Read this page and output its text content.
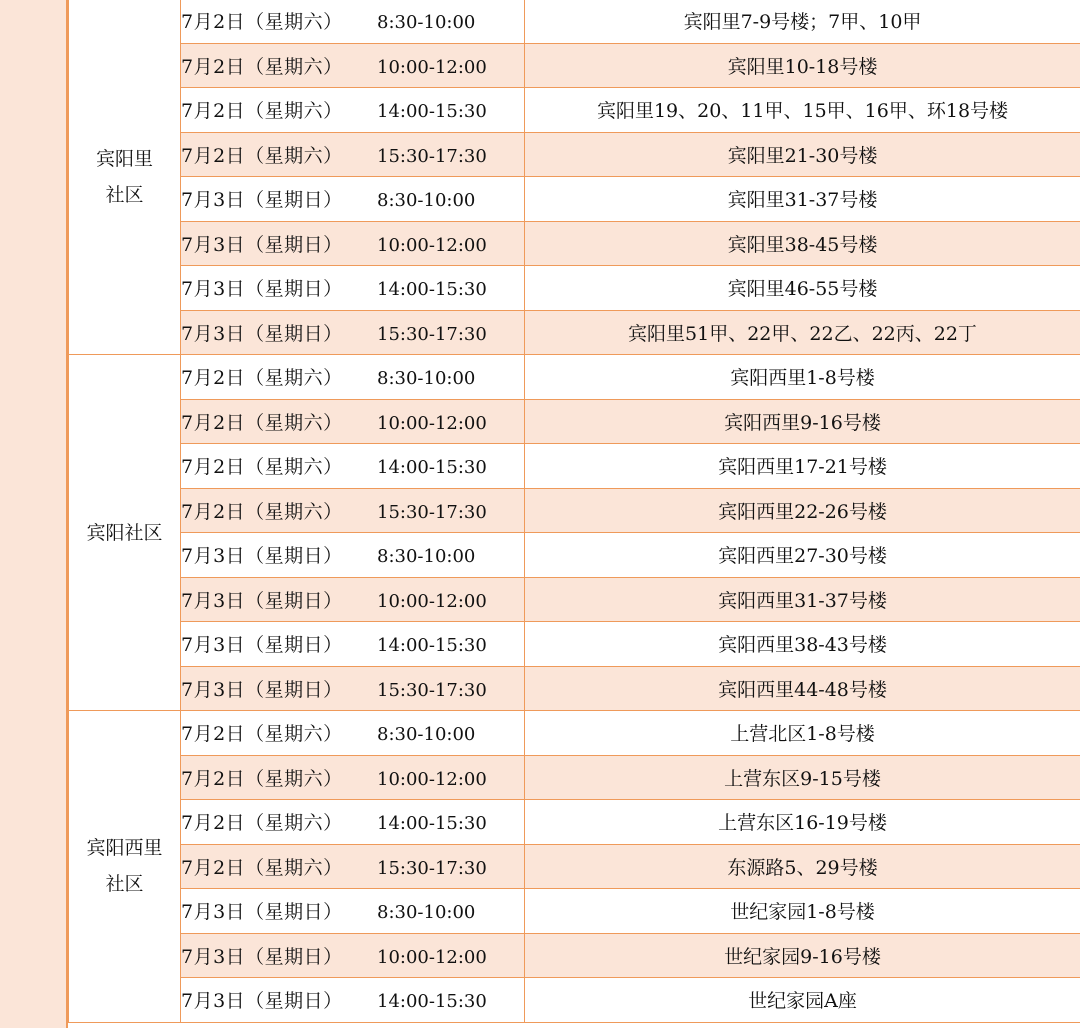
宾阳里
社区	7月2日（星期六） 8:30-10:00	宾阳里7-9号楼；7甲、10甲
	7月2日（星期六） 10:00-12:00	宾阳里10-18号楼
	7月2日（星期六） 14:00-15:30	宾阳里19、20、11甲、15甲、16甲、环18号楼
	7月2日（星期六） 15:30-17:30	宾阳里21-30号楼
	7月3日（星期日） 8:30-10:00	宾阳里31-37号楼
	7月3日（星期日） 10:00-12:00	宾阳里38-45号楼
	7月3日（星期日） 14:00-15:30	宾阳里46-55号楼
	7月3日（星期日） 15:30-17:30	宾阳里51甲、22甲、22乙、22丙、22丁
宾阳社区	7月2日（星期六） 8:30-10:00	宾阳西里1-8号楼
	7月2日（星期六） 10:00-12:00	宾阳西里9-16号楼
	7月2日（星期六） 14:00-15:30	宾阳西里17-21号楼
	7月2日（星期六） 15:30-17:30	宾阳西里22-26号楼
	7月3日（星期日） 8:30-10:00	宾阳西里27-30号楼
	7月3日（星期日） 10:00-12:00	宾阳西里31-37号楼
	7月3日（星期日） 14:00-15:30	宾阳西里38-43号楼
	7月3日（星期日） 15:30-17:30	宾阳西里44-48号楼
宾阳西里
社区	7月2日（星期六） 8:30-10:00	上营北区1-8号楼
	7月2日（星期六） 10:00-12:00	上营东区9-15号楼
	7月2日（星期六） 14:00-15:30	上营东区16-19号楼
	7月2日（星期六） 15:30-17:30	东源路5、29号楼
	7月3日（星期日） 8:30-10:00	世纪家园1-8号楼
	7月3日（星期日） 10:00-12:00	世纪家园9-16号楼
	7月3日（星期日） 14:00-15:30	世纪家园A座
